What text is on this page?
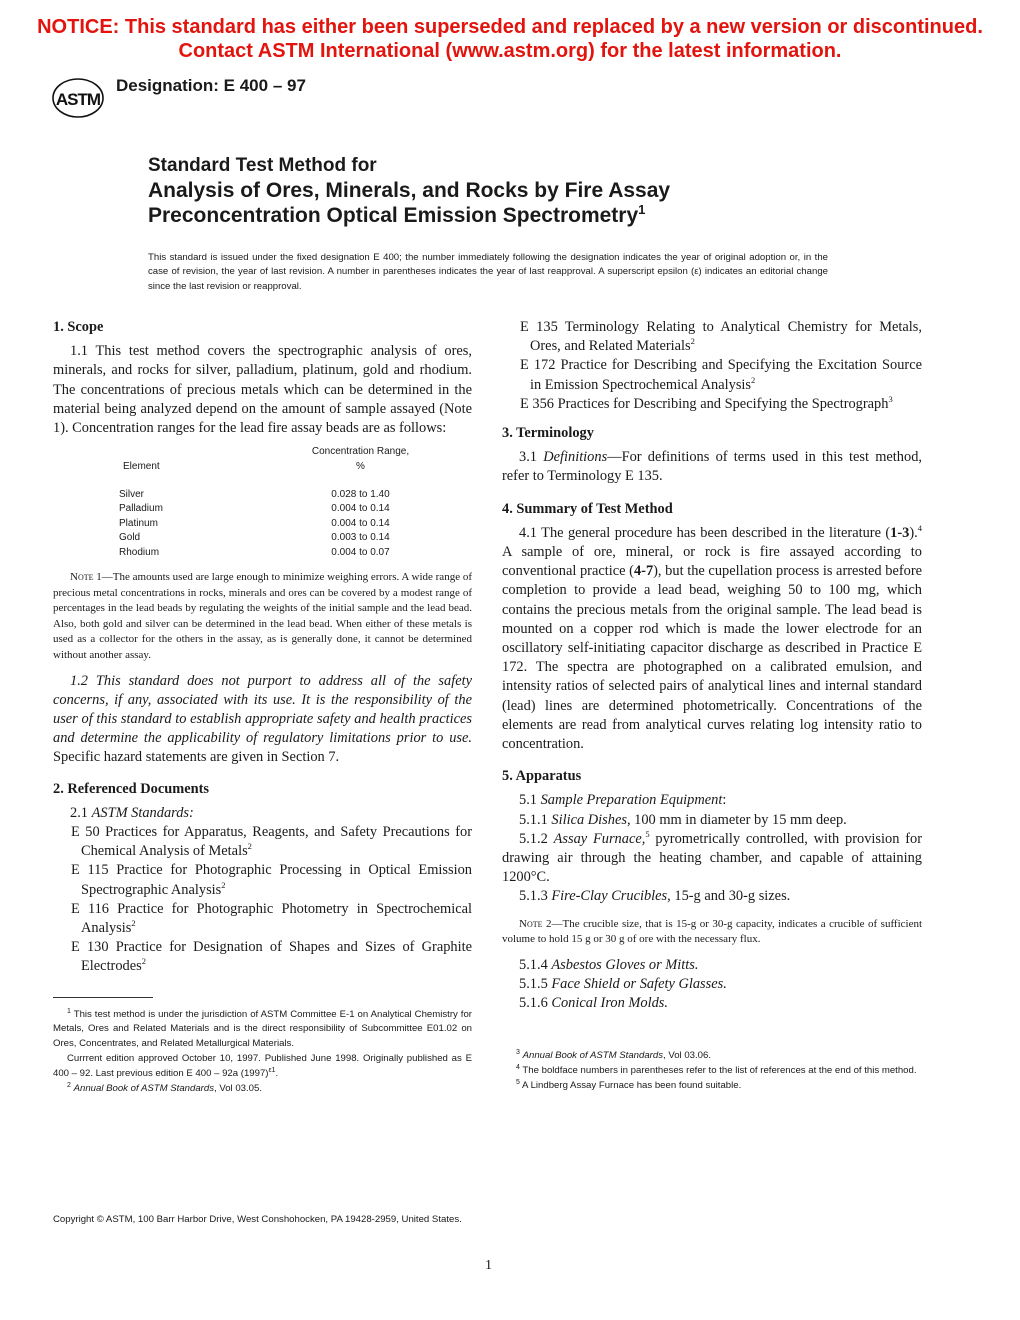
NOTICE: This standard has either been superseded and replaced by a new version or discontinued.
Contact ASTM International (www.astm.org) for the latest information.
ASTM
Designation: E 400 – 97
Standard Test Method for
Analysis of Ores, Minerals, and Rocks by Fire Assay
Preconcentration Optical Emission Spectrometry$^1$
This standard is issued under the fixed designation E 400; the number immediately following the designation indicates the year of original adoption or, in the case of revision, the year of last revision. A number in parentheses indicates the year of last reapproval. A superscript epsilon (ε) indicates an editorial change since the last revision or reapproval.

1. Scope

1.1 This test method covers the spectrographic analysis of ores, minerals, and rocks for silver, palladium, platinum, gold and rhodium. The concentrations of precious metals which can be determined in the material being analyzed depend on the amount of sample assayed (Note 1). Concentration ranges for the lead fire assay beads are as follows:

Element	Concentration Range,
%

Silver	0.028 to 1.40
Palladium	0.004 to 0.14
Platinum	0.004 to 0.14
Gold	0.003 to 0.14
Rhodium	0.004 to 0.07

Note 1—The amounts used are large enough to minimize weighing errors. A wide range of precious metal concentrations in rocks, minerals and ores can be covered by a modest range of percentages in the lead beads by regulating the weights of the initial sample and the lead bead. Also, both gold and silver can be determined in the lead bead. When either of these metals is used as a collector for the others in the assay, as is generally done, it cannot be determined without another assay.

1.2 This standard does not purport to address all of the safety concerns, if any, associated with its use. It is the responsibility of the user of this standard to establish appropriate safety and health practices and determine the applicability of regulatory limitations prior to use. Specific hazard statements are given in Section 7.

2. Referenced Documents

2.1 ASTM Standards:

E 50 Practices for Apparatus, Reagents, and Safety Precautions for Chemical Analysis of Metals$^2$

E 115 Practice for Photographic Processing in Optical Emission Spectrographic Analysis$^2$

E 116 Practice for Photographic Photometry in Spectrochemical Analysis$^2$

E 130 Practice for Designation of Shapes and Sizes of Graphite Electrodes$^2$

$^1$ This test method is under the jurisdiction of ASTM Committee E-1 on Analytical Chemistry for Metals, Ores and Related Materials and is the direct responsibility of Subcommittee E01.02 on Ores, Concentrates, and Related Metallurgical Materials.

Currrent edition approved October 10, 1997. Published June 1998. Originally published as E 400 – 92. Last previous edition E 400 – 92a $(1997)^{\varepsilon 1}$.

$^2$ Annual Book of ASTM Standards, Vol 03.05.

E 135 Terminology Relating to Analytical Chemistry for Metals, Ores, and Related Materials$^2$

E 172 Practice for Describing and Specifying the Excitation Source in Emission Spectrochemical Analysis$^2$

E 356 Practices for Describing and Specifying the Spectrograph$^3$

3. Terminology

3.1 Definitions—For definitions of terms used in this test method, refer to Terminology E 135.

4. Summary of Test Method

4.1 The general procedure has been described in the literature (1-3).$^4$ A sample of ore, mineral, or rock is fire assayed according to conventional practice (4-7), but the cupellation process is arrested before completion to provide a lead bead, weighing 50 to 100 mg, which contains the precious metals from the original sample. The lead bead is mounted on a copper rod which is made the lower electrode for an oscillatory self-initiating capacitor discharge as described in Practice E 172. The spectra are photographed on a calibrated emulsion, and intensity ratios of selected pairs of analytical lines and internal standard (lead) lines are determined photometrically. Concentrations of the elements are read from analytical curves relating log intensity ratio to concentration.

5. Apparatus

5.1 Sample Preparation Equipment:

5.1.1 Silica Dishes, 100 mm in diameter by 15 mm deep.

5.1.2 Assay Furnace,$^5$ pyrometrically controlled, with provision for drawing air through the heating chamber, and capable of attaining 1200°C.

5.1.3 Fire-Clay Crucibles, 15-g and 30-g sizes.

Note 2—The crucible size, that is 15-g or 30-g capacity, indicates a crucible of sufficient volume to hold 15 g or 30 g of ore with the necessary flux.

5.1.4 Asbestos Gloves or Mitts.

5.1.5 Face Shield or Safety Glasses.

5.1.6 Conical Iron Molds.

$^3$ Annual Book of ASTM Standards, Vol 03.06.

$^4$ The boldface numbers in parentheses refer to the list of references at the end of this method.

$^5$ A Lindberg Assay Furnace has been found suitable.

Copyright © ASTM, 100 Barr Harbor Drive, West Conshohocken, PA 19428-2959, United States.
1
